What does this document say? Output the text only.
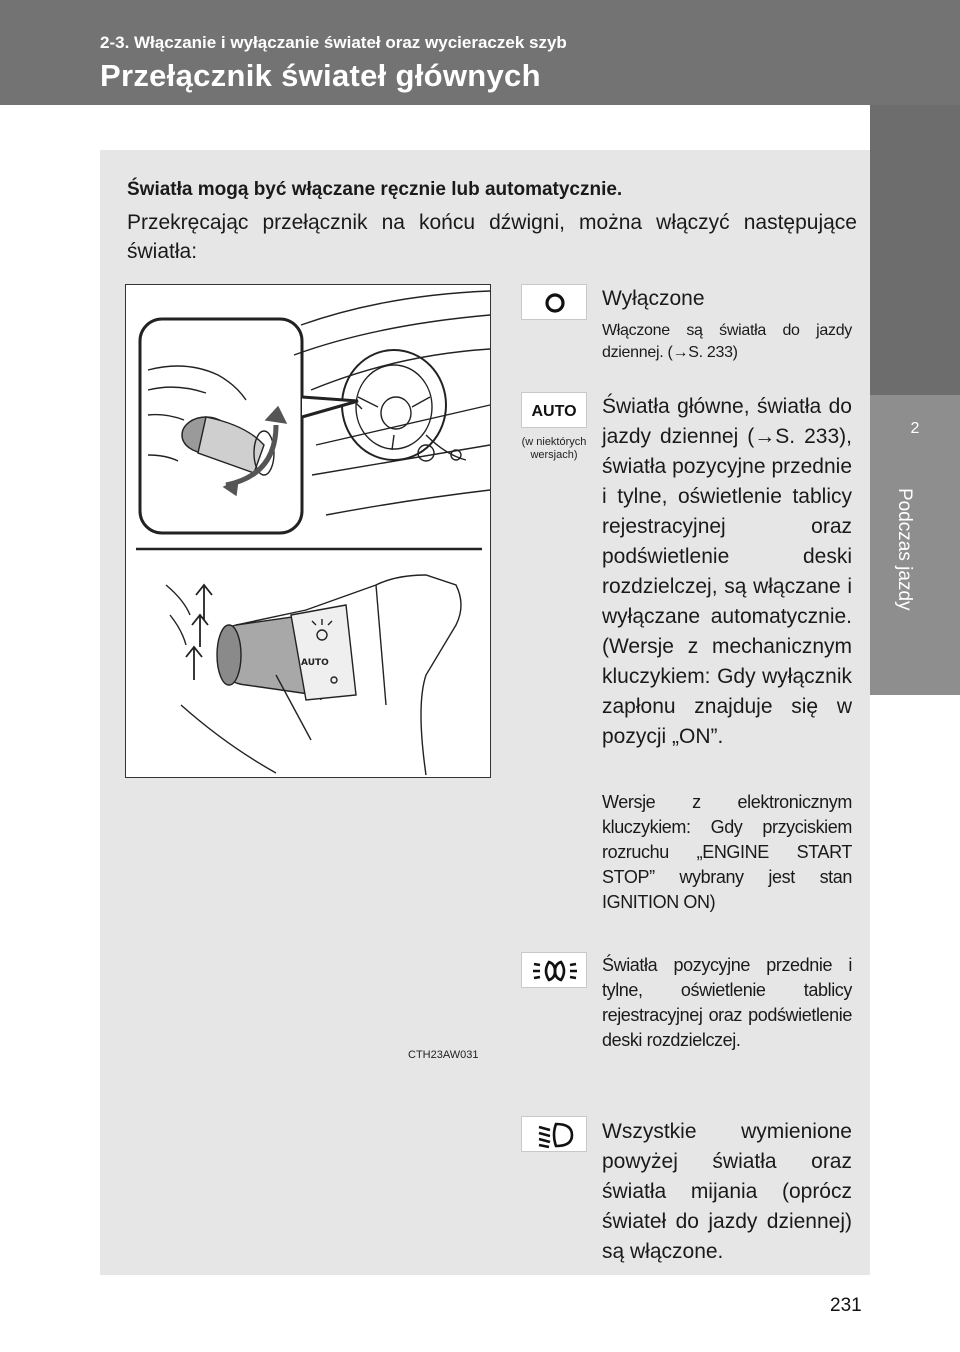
2-3. Włączanie i wyłączanie świateł oraz wycieraczek szyb
Przełącznik świateł głównych
2
Podczas jazdy
Światła mogą być włączane ręcznie lub automatycznie.
Przekręcając przełącznik na końcu dźwigni, można włączyć następujące światła:
AUTO
CTH23AW031
Wyłączone
Włączone są światła do jazdy dziennej. (→S. 233)
AUTO
(w niektórych wersjach)
Światła główne, światła do jazdy dziennej (→S. 233), światła pozycyjne przednie i tylne, oświetlenie tablicy rejestracyjnej oraz podświetlenie deski rozdzielczej, są włączane i wyłączane automatycznie. (Wersje z mechanicznym kluczykiem: Gdy wyłącznik zapłonu znajduje się w pozycji „ON”.
Wersje z elektronicznym kluczykiem: Gdy przyciskiem rozruchu „ENGINE START STOP” wybrany jest stan IGNITION ON)
Światła pozycyjne przednie i tylne, oświetlenie tablicy rejestracyjnej oraz podświetlenie deski rozdzielczej.
Wszystkie wymienione powyżej światła oraz światła mijania (oprócz świateł do jazdy dziennej) są włączone.
231
